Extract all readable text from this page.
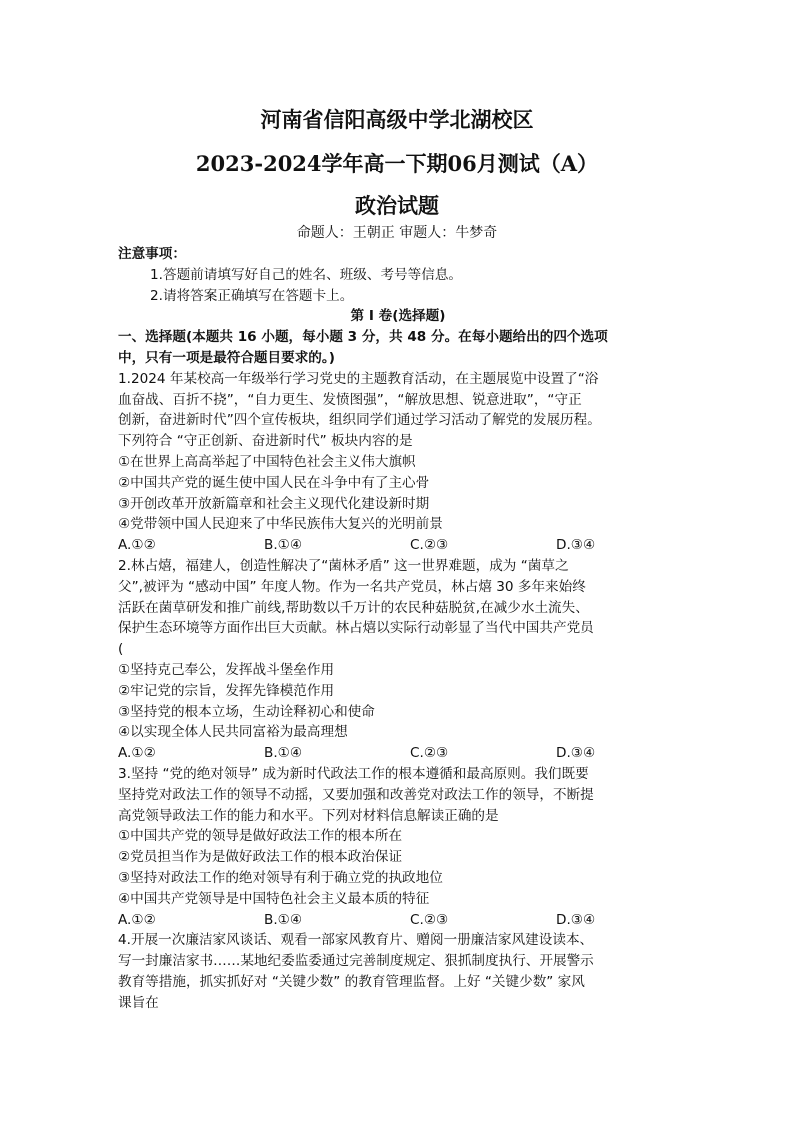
河南省信阳高级中学北湖校区
2023-2024学年高一下期06月测试（A）
政治试题
命题人：王朝正 审题人：牛梦奇
注意事项：
1.答题前请填写好自己的姓名、班级、考号等信息。
2.请将答案正确填写在答题卡上。
第 I 卷(选择题)
一、选择题(本题共 16 小题，每小题 3 分，共 48 分。在每小题给出的四个选项
中，只有一项是最符合题目要求的。)
1.2024 年某校高一年级举行学习党史的主题教育活动，在主题展览中设置了“浴
血奋战、百折不挠”，“自力更生、发愤图强”，“解放思想、锐意进取”，“守正
创新，奋进新时代”四个宣传板块，组织同学们通过学习活动了解党的发展历程。
下列符合 “守正创新、奋进新时代” 板块内容的是
①在世界上高高举起了中国特色社会主义伟大旗帜
②中国共产党的诞生使中国人民在斗争中有了主心骨
③开创改革开放新篇章和社会主义现代化建设新时期
④党带领中国人民迎来了中华民族伟大复兴的光明前景
A.①②	B.①④	C.②③	D.③④
2.林占熺，福建人，创造性解决了“菌林矛盾” 这一世界难题，成为 “菌草之
父”,被评为 “感动中国” 年度人物。作为一名共产党员，林占熺 30 多年来始终
活跃在菌草研发和推广前线,帮助数以千万计的农民种菇脱贫,在减少水土流失、
保护生态环境等方面作出巨大贡献。林占熺以实际行动彰显了当代中国共产党员
(
①坚持克己奉公，发挥战斗堡垒作用
②牢记党的宗旨，发挥先锋模范作用
③坚持党的根本立场，生动诠释初心和使命
④以实现全体人民共同富裕为最高理想
A.①②	B.①④	C.②③	D.③④
3.坚持 “党的绝对领导” 成为新时代政法工作的根本遵循和最高原则。我们既要
坚持党对政法工作的领导不动摇，又要加强和改善党对政法工作的领导，不断提
高党领导政法工作的能力和水平。下列对材料信息解读正确的是
①中国共产党的领导是做好政法工作的根本所在
②党员担当作为是做好政法工作的根本政治保证
③坚持对政法工作的绝对领导有利于确立党的执政地位
④中国共产党领导是中国特色社会主义最本质的特征
A.①②	B.①④	C.②③	D.③④
4.开展一次廉洁家风谈话、观看一部家风教育片、赠阅一册廉洁家风建设读本、
写一封廉洁家书……某地纪委监委通过完善制度规定、狠抓制度执行、开展警示
教育等措施，抓实抓好对 “关键少数” 的教育管理监督。上好 “关键少数” 家风
课旨在
